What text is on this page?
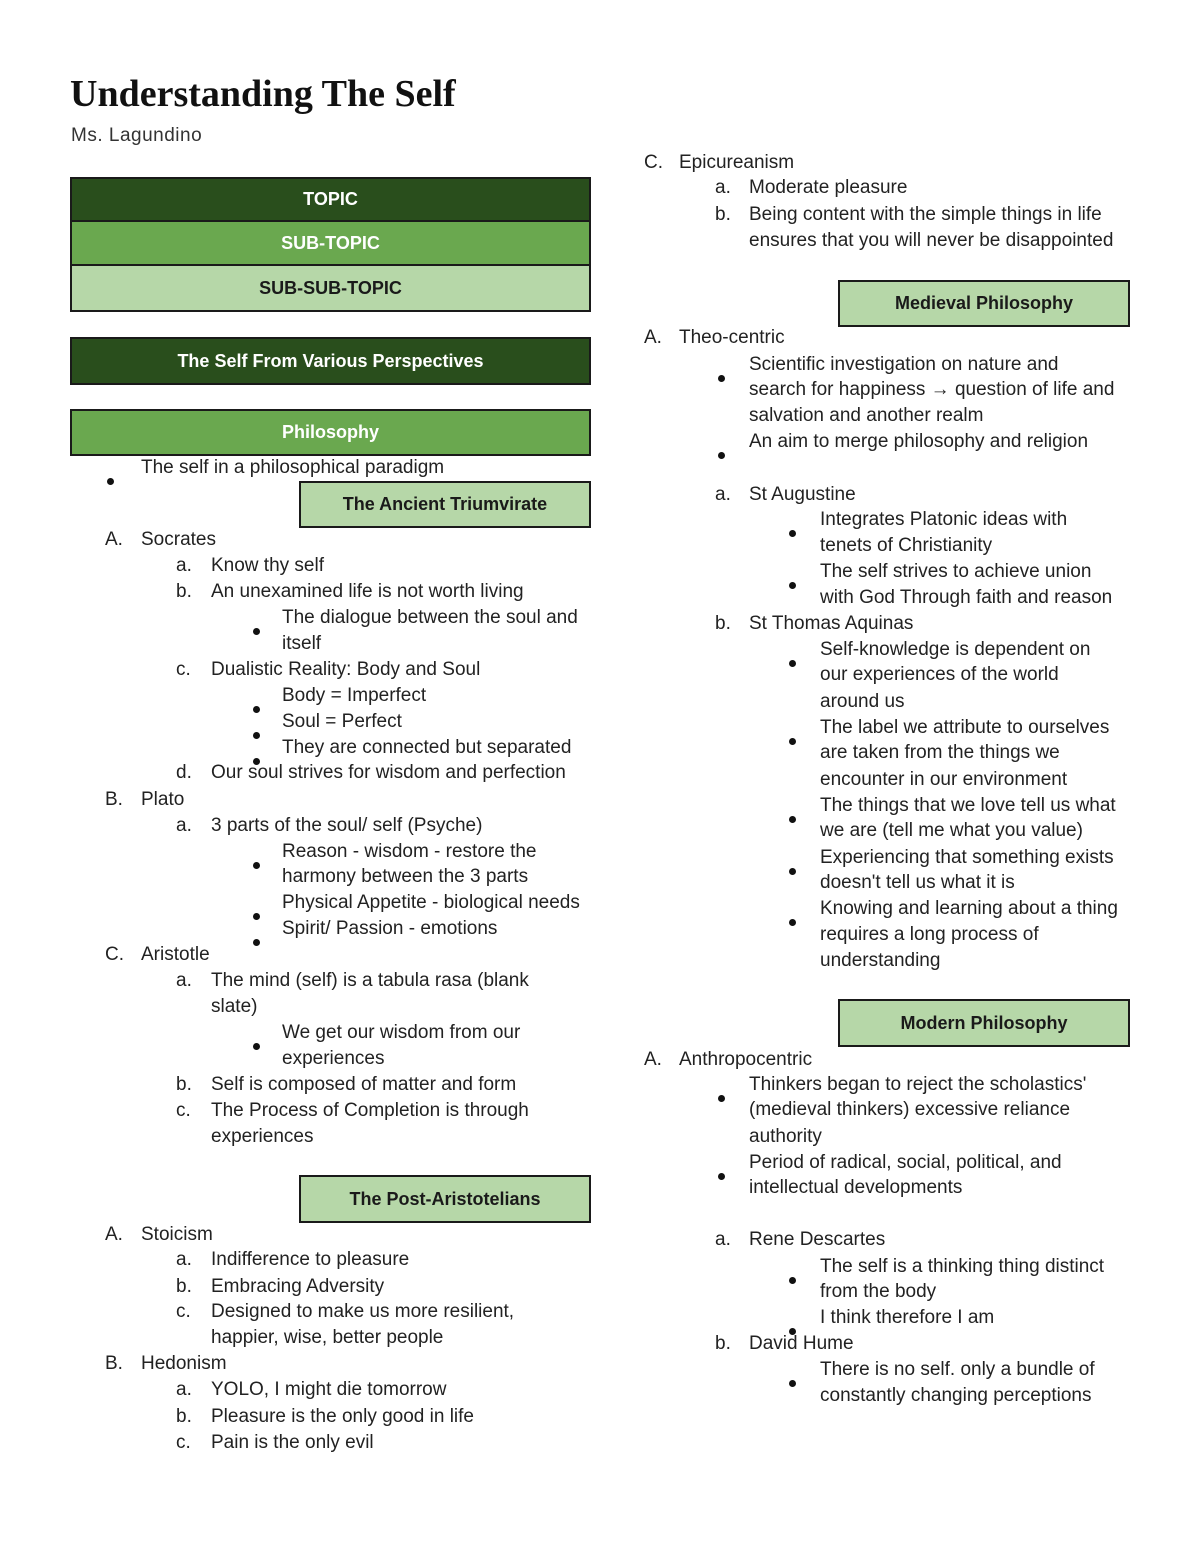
Understanding The Self
Ms. Lagundino
TOPIC
SUB-TOPIC
SUB-SUB-TOPIC
The Self From Various Perspectives
Philosophy
The Ancient Triumvirate
The Post-Aristotelians
Medieval Philosophy
Modern Philosophy
The self in a philosophical paradigm
A. Socrates
a. Know thy self
b. An unexamined life is not worth living
The dialogue between the soul and
itself
c. Dualistic Reality: Body and Soul
Body = Imperfect
Soul = Perfect
They are connected but separated
d. Our soul strives for wisdom and perfection
B. Plato
a. 3 parts of the soul/ self (Psyche)
Reason - wisdom - restore the
harmony between the 3 parts
Physical Appetite - biological needs
Spirit/ Passion - emotions
C. Aristotle
a. The mind (self) is a tabula rasa (blank
slate)
We get our wisdom from our
experiences
b. Self is composed of matter and form
c. The Process of Completion is through
experiences
A. Stoicism
a. Indifference to pleasure
b. Embracing Adversity
c. Designed to make us more resilient,
happier, wise, better people
B. Hedonism
a. YOLO, I might die tomorrow
b. Pleasure is the only good in life
c. Pain is the only evil
C. Epicureanism
a. Moderate pleasure
b. Being content with the simple things in life
ensures that you will never be disappointed
A. Theo-centric
Scientific investigation on nature and
search for happiness → question of life and
salvation and another realm
An aim to merge philosophy and religion
a. St Augustine
Integrates Platonic ideas with
tenets of Christianity
The self strives to achieve union
with God Through faith and reason
b. St Thomas Aquinas
Self-knowledge is dependent on
our experiences of the world
around us
The label we attribute to ourselves
are taken from the things we
encounter in our environment
The things that we love tell us what
we are (tell me what you value)
Experiencing that something exists
doesn't tell us what it is
Knowing and learning about a thing
requires a long process of
understanding
A. Anthropocentric
Thinkers began to reject the scholastics'
(medieval thinkers) excessive reliance
authority
Period of radical, social, political, and
intellectual developments
a. Rene Descartes
The self is a thinking thing distinct
from the body
I think therefore I am
b. David Hume
There is no self. only a bundle of
constantly changing perceptions
